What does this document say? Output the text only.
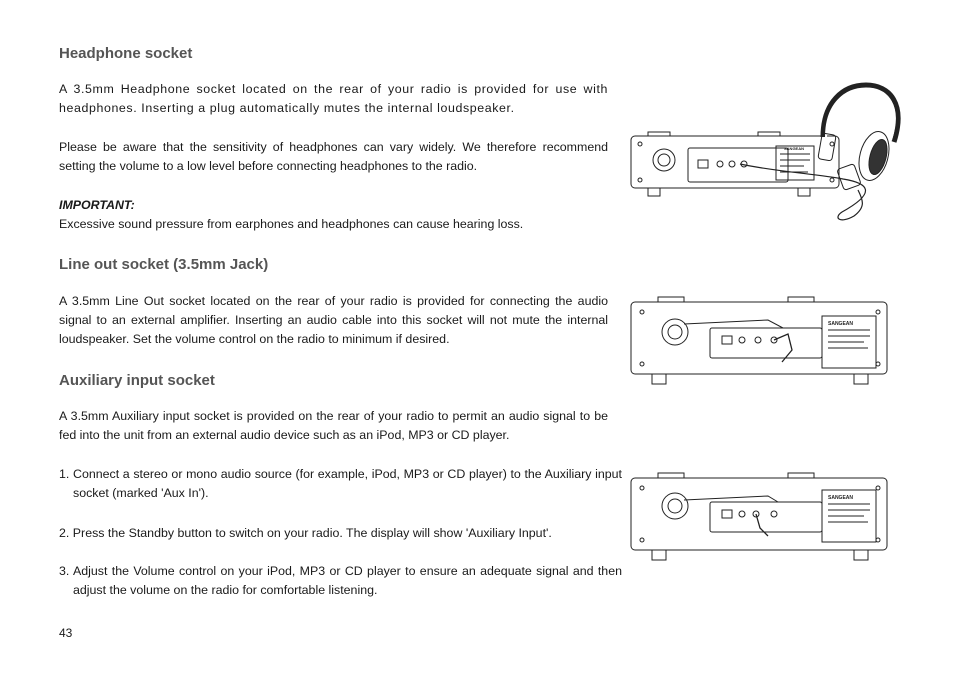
Headphone socket

A 3.5mm Headphone socket located on the rear of your radio is provided for use with headphones. Inserting a plug automatically mutes the internal loudspeaker.

Please be aware that the sensitivity of headphones can vary widely. We therefore recommend setting the volume to a low level before connecting headphones to the radio.

IMPORTANT:

Excessive sound pressure from earphones and headphones can cause hearing loss.

Line out socket (3.5mm Jack)

A 3.5mm Line Out socket located on the rear of your radio is provided for connecting the audio signal to an external amplifier. Inserting an audio cable into this socket will not mute the internal loudspeaker. Set the volume control on the radio to minimum if desired.

Auxiliary input socket

A 3.5mm Auxiliary input socket is provided on the rear of your radio to permit an audio signal to be fed into the unit from an external audio device such as an iPod, MP3 or CD player.

1. Connect a stereo or mono audio source (for example, iPod, MP3 or CD player) to the Auxiliary input socket (marked 'Aux In').
2. Press the Standby button to switch on your radio. The display will show 'Auxiliary Input'.
3. Adjust the Volume control on your iPod, MP3 or CD player to ensure an adequate signal and then adjust the volume on the radio for comfortable listening.
43
SANGEAN
SANGEAN
SANGEAN
